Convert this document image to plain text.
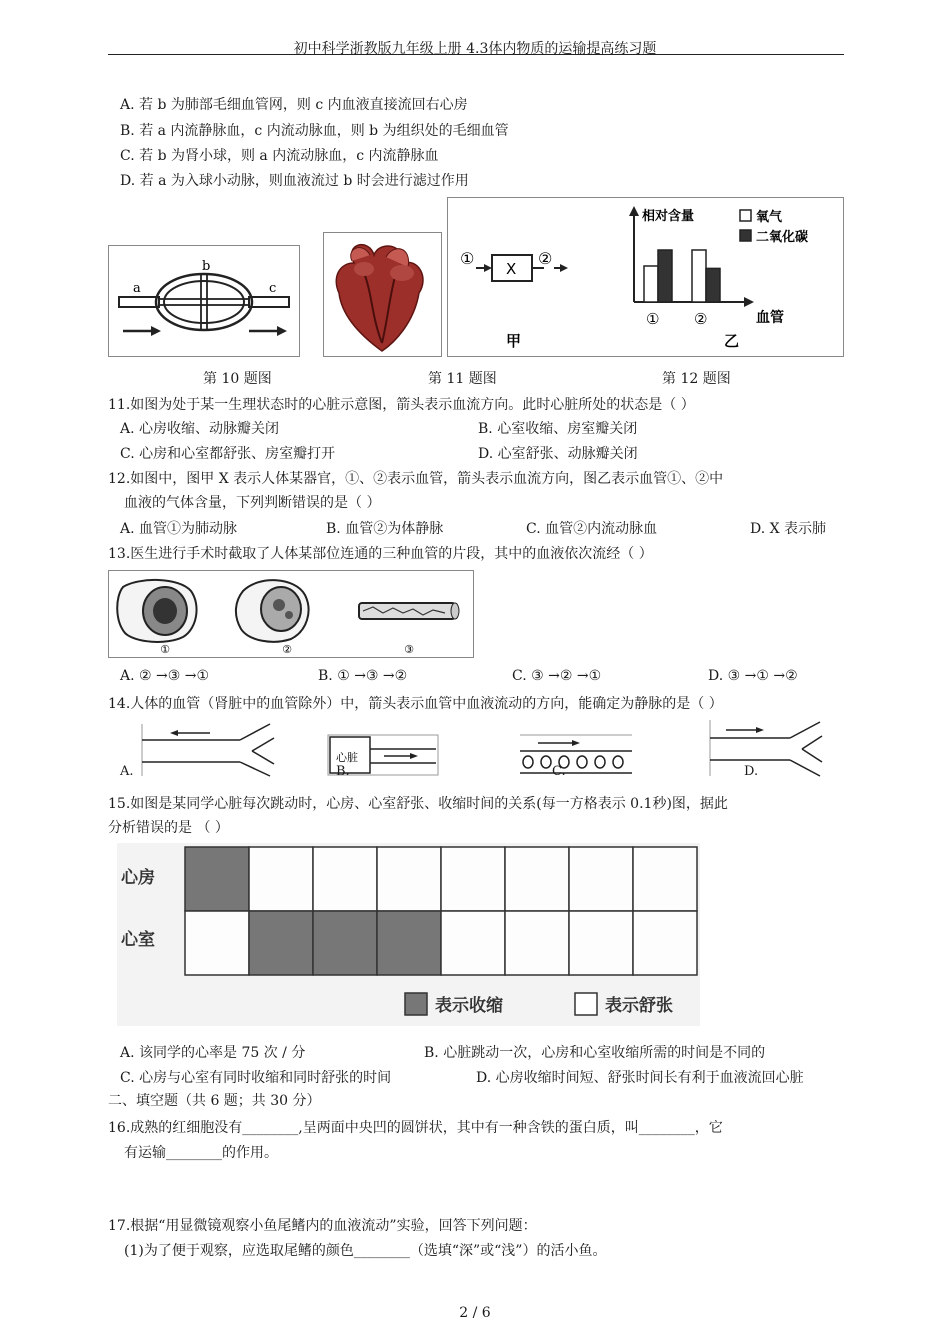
初中科学浙教版九年级上册 4.3体内物质的运输提高练习题
A. 若 b 为肺部毛细血管网，则 c 内血液直接流回右心房
B. 若 a 内流静脉血，c 内流动脉血，则 b 为组织处的毛细血管
C. 若 b 为肾小球，则 a 内流动脉血，c 内流静脉血
D. 若 a 为入球小动脉，则血液流过 b 时会进行滤过作用
a
b
c
①
X
②
甲
相对含量	氧气
二氧化碳
① ②	血管
乙
第 10 题图	第 11 题图	第 12 题图
11.如图为处于某一生理状态时的心脏示意图，箭头表示血流方向。此时心脏所处的状态是（ ）
A. 心房收缩、动脉瓣关闭	B. 心室收缩、房室瓣关闭
C. 心房和心室都舒张、房室瓣打开	D. 心室舒张、动脉瓣关闭
12.如图中，图甲 X 表示人体某器官，①、②表示血管，箭头表示血流方向，图乙表示血管①、②中
血液的气体含量，下列判断错误的是（ ）
A. 血管①为肺动脉	B. 血管②为体静脉	C. 血管②内流动脉血	D. X 表示肺
13.医生进行手术时截取了人体某部位连通的三种血管的片段，其中的血液依次流经（ ）
①	②	③
A. ② →③ →①	B. ① →③ →②	C. ③ →② →①	D. ③ →① →②
14.人体的血管（肾脏中的血管除外）中，箭头表示血管中血液流动的方向，能确定为静脉的是（ ）
心脏
A.	B.	C.	D.
15.如图是某同学心脏每次跳动时，心房、心室舒张、收缩时间的关系(每一方格表示 0.1秒)图，据此
分析错误的是 （ ）
心房
心室
表示收缩	表示舒张
A. 该同学的心率是 75 次 / 分	B. 心脏跳动一次，心房和心室收缩所需的时间是不同的
C. 心房与心室有同时收缩和同时舒张的时间	D. 心房收缩时间短、舒张时间长有利于血液流回心脏
二、填空题（共 6 题；共 30 分）
16.成熟的红细胞没有________,呈两面中央凹的圆饼状，其中有一种含铁的蛋白质，叫________，它
有运输________的作用。
17.根据“用显微镜观察小鱼尾鳍内的血液流动”实验，回答下列问题：
(1)为了便于观察，应选取尾鳍的颜色________（选填“深”或“浅”）的活小鱼。
2 / 6
